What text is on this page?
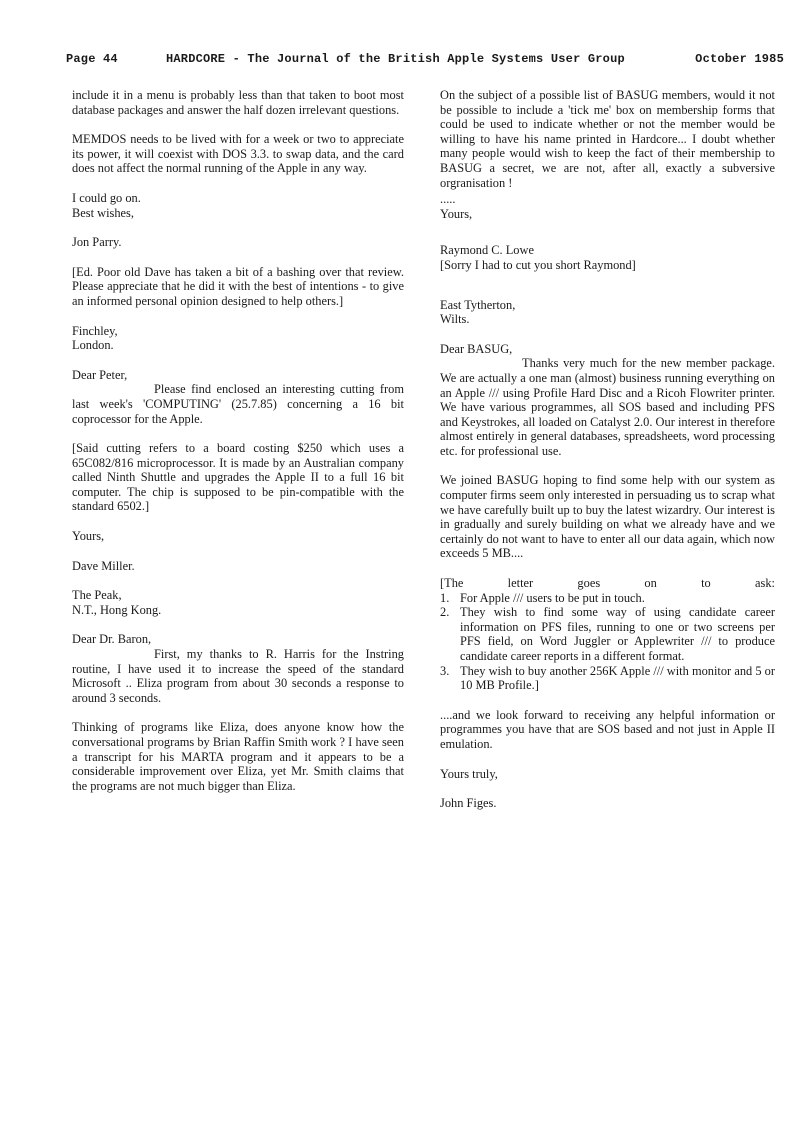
Page 44	HARDCORE - The Journal of the British Apple Systems User Group	October 1985

include it in a menu is probably less than that taken to boot most database packages and answer the half dozen irrelevant questions.

MEMDOS needs to be lived with for a week or two to appreciate its power, it will coexist with DOS 3.3. to swap data, and the card does not affect the normal running of the Apple in any way.

I could go on.
Best wishes,

Jon Parry.

[Ed. Poor old Dave has taken a bit of a bashing over that review. Please appreciate that he did it with the best of intentions - to give an informed personal opinion designed to help others.]

Finchley,
London.
Dear Peter,

Please find enclosed an interesting cutting from last week's 'COMPUTING' (25.7.85) concerning a 16 bit coprocessor for the Apple.

[Said cutting refers to a board costing $250 which uses a 65C082/816 microprocessor. It is made by an Australian company called Ninth Shuttle and upgrades the Apple II to a full 16 bit computer. The chip is supposed to be pin-compatible with the standard 6502.]

Yours,

Dave Miller.

The Peak,
N.T., Hong Kong.
Dear Dr. Baron,

First, my thanks to R. Harris for the Instring routine, I have used it to increase the speed of the standard Microsoft .. Eliza program from about 30 seconds a response to around 3 seconds.

Thinking of programs like Eliza, does anyone know how the conversational programs by Brian Raffin Smith work ? I have seen a transcript for his MARTA program and it appears to be a considerable improvement over Eliza, yet Mr. Smith claims that the programs are not much bigger than Eliza.

On the subject of a possible list of BASUG members, would it not be possible to include a 'tick me' box on membership forms that could be used to indicate whether or not the member would be willing to have his name printed in Hardcore... I doubt whether many people would wish to keep the fact of their membership to BASUG a secret, we are not, after all, exactly a subversive orgranisation !

.....
Yours,
Raymond C. Lowe
[Sorry I had to cut you short Raymond]
East Tytherton,
Wilts.
Dear BASUG,

Thanks very much for the new member package. We are actually a one man (almost) business running everything on an Apple /// using Profile Hard Disc and a Ricoh Flowriter printer. We have various programmes, all SOS based and including PFS and Keystrokes, all loaded on Catalyst 2.0. Our interest in therefore almost entirely in general databases, spreadsheets, word processing etc. for professional use.

We joined BASUG hoping to find some help with our system as computer firms seem only interested in persuading us to scrap what we have carefully built up to buy the latest wizardry. Our interest is in gradually and surely building on what we already have and we certainly do not want to have to enter all our data again, which now exceeds 5 MB....

[The letter goes on to ask:

1. For Apple /// users to be put in touch.
2. They wish to find some way of using candidate career information on PFS files, running to one or two screens per PFS field, on Word Juggler or Applewriter /// to produce candidate career reports in a different format.
3. They wish to buy another 256K Apple /// with monitor and 5 or 10 MB Profile.]

....and we look forward to receiving any helpful information or programmes you have that are SOS based and not just in Apple II emulation.

Yours truly,

John Figes.
